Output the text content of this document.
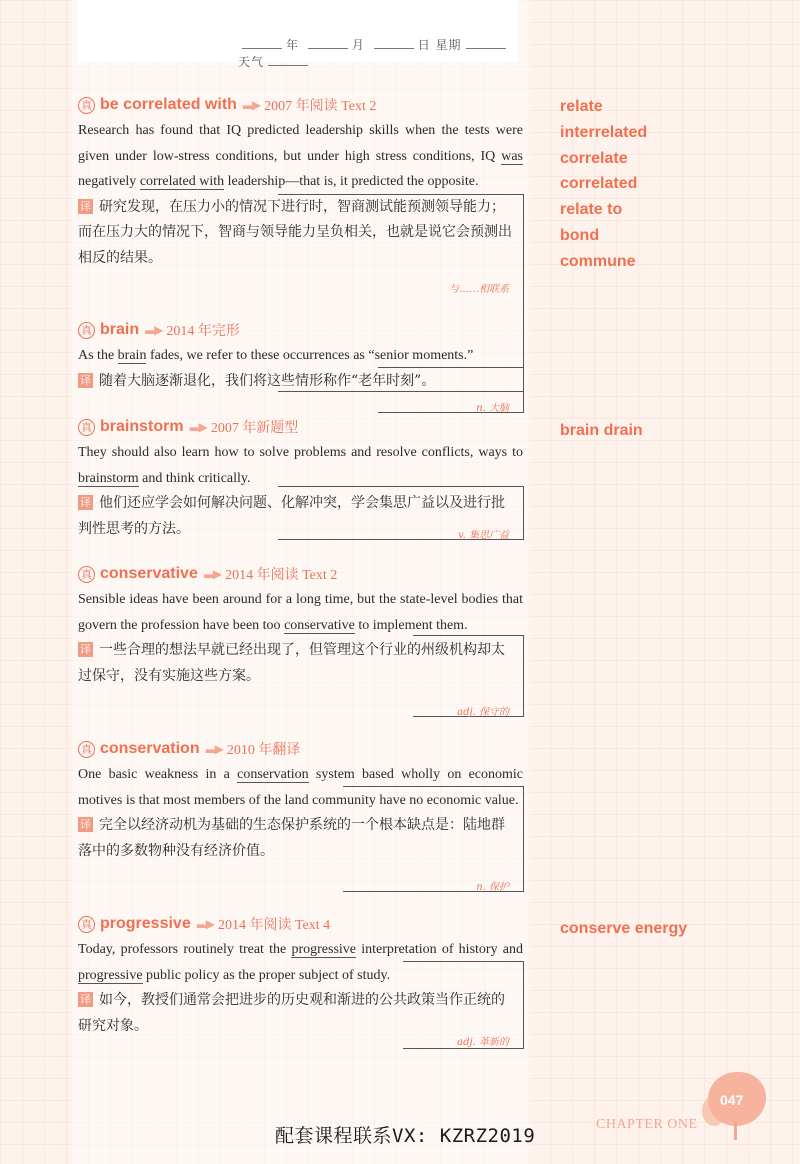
年	月	日 星期 天气
真 be correlated with ▬▶ 2007 年阅读 Text 2
Research has found that IQ predicted leadership skills when the tests were given under low-stress conditions, but under high stress conditions, IQ was negatively correlated with leadership—that is, it predicted the opposite.
译 研究发现，在压力小的情况下进行时，智商测试能预测领导能力；而在压力大的情况下，智商与领导能力呈负相关，也就是说它会预测出相反的结果。
与……相联系
真 brain ▬▶ 2014 年完形
As the brain fades, we refer to these occurrences as “senior moments.”
译 随着大脑逐渐退化，我们将这些情形称作“老年时刻”。
n. 大脑
真 brainstorm ▬▶ 2007 年新题型
They should also learn how to solve problems and resolve conflicts, ways to brainstorm and think critically.
译 他们还应学会如何解决问题、化解冲突，学会集思广益以及进行批判性思考的方法。	v. 集思广益
真 conservative ▬▶ 2014 年阅读 Text 2
Sensible ideas have been around for a long time, but the state-level bodies that govern the profession have been too conservative to implement them.
译 一些合理的想法早就已经出现了，但管理这个行业的州级机构却太过保守，没有实施这些方案。
adj. 保守的
真 conservation ▬▶ 2010 年翻译
One basic weakness in a conservation system based wholly on economic motives is that most members of the land community have no economic value.
译 完全以经济动机为基础的生态保护系统的一个根本缺点是：陆地群落中的多数物种没有经济价值。
n. 保护
真 progressive ▬▶ 2014 年阅读 Text 4
Today, professors routinely treat the progressive interpretation of history and progressive public policy as the proper subject of study.
译 如今，教授们通常会把进步的历史观和渐进的公共政策当作正统的研究对象。
adj. 革新的
relate
interrelated
correlate
correlated
relate to
bond
commune
brain drain
conserve energy
配套课程联系VX: KZRZ2019
CHAPTER ONE
047
